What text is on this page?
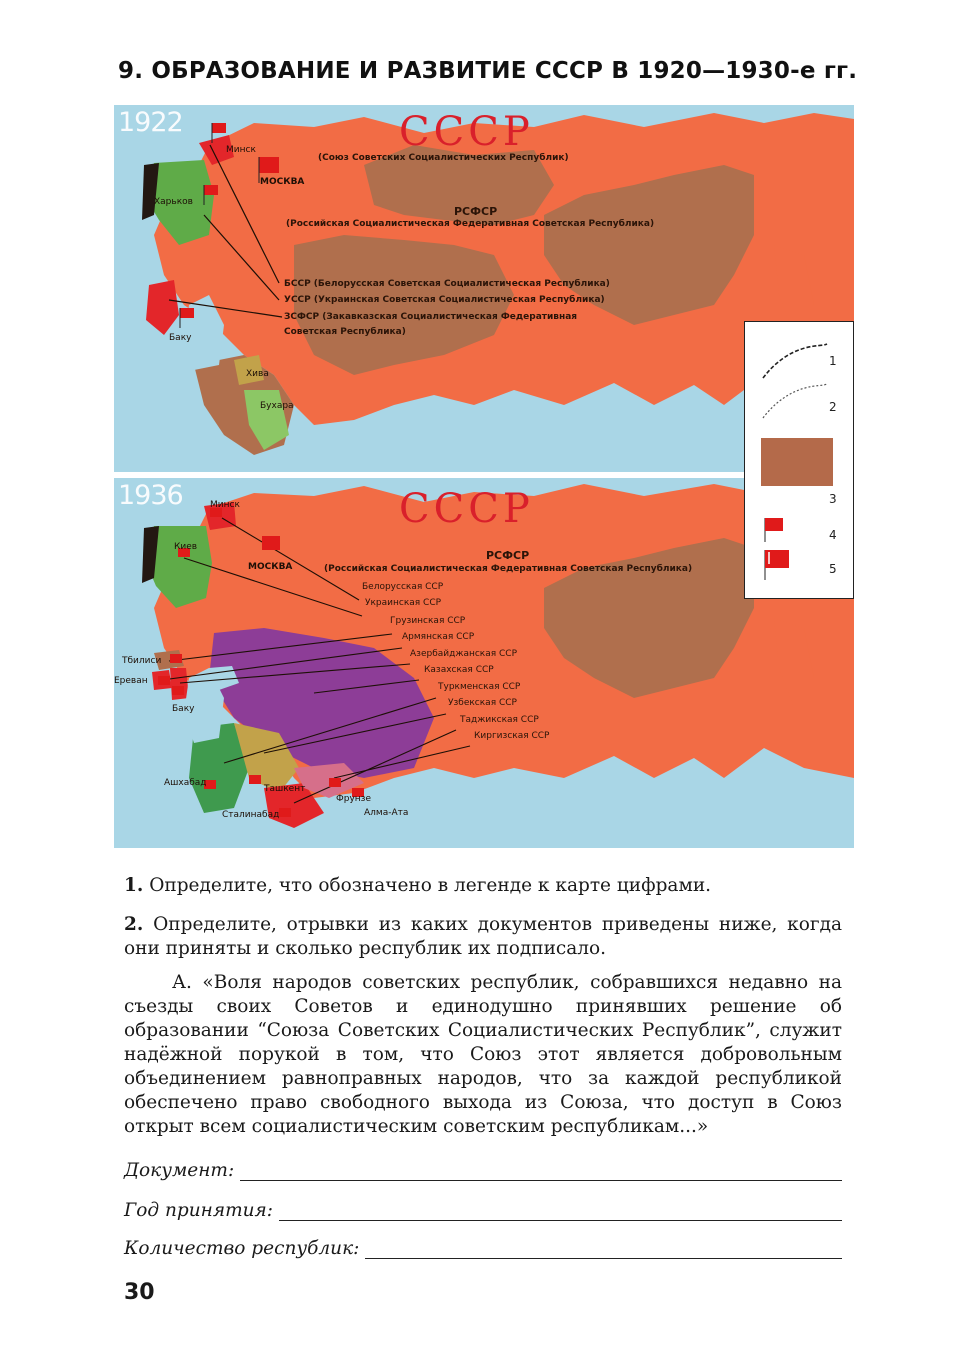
9. ОБРАЗОВАНИЕ И РАЗВИТИЕ СССР В 1920—1930-е гг.
1922	СССР
(Союз Советских Социалистических Республик)
РСФСР
(Российская Социалистическая Федеративная Советская Республика)
БССР (Белорусская Советская Социалистическая Республика)
УССР (Украинская Советская Социалистическая Республика)
ЗСФСР (Закавказская Социалистическая Федеративная
Советская Республика)
Минск
МОСКВА
Харьков
Баку
Хива
Бухара
1936	СССР
РСФСР
(Российская Социалистическая Федеративная Советская Республика)
Белорусская ССР
Украинская ССР
Грузинская ССР
Армянская ССР
Азербайджанская ССР
Казахская ССР
Туркменская ССР
Узбекская ССР
Таджикская ССР
Киргизская ССР
Минск
Киев
МОСКВА
Тбилиси
Ереван
Баку
Ашхабад
Ташкент
Сталинабад
Фрунзе
Алма-Ата
1
2
3
4
5
1. Определите, что обозначено в легенде к карте цифрами.
2. Определите, отрывки из каких документов приведены ниже, когда они приняты и сколько республик их подписало.
А. «Воля народов советских республик, собравшихся недавно на съезды своих Советов и единодушно принявших решение об образовании “Союза Советских Социалистических Республик”, служит надёжной порукой в том, что Союз этот является добровольным объединением равноправных народов, что за каждой республикой обеспечено право свободного выхода из Союза, что доступ в Союз открыт всем социалистическим советским республикам...»
Документ:
Год принятия:
Количество республик:
30
